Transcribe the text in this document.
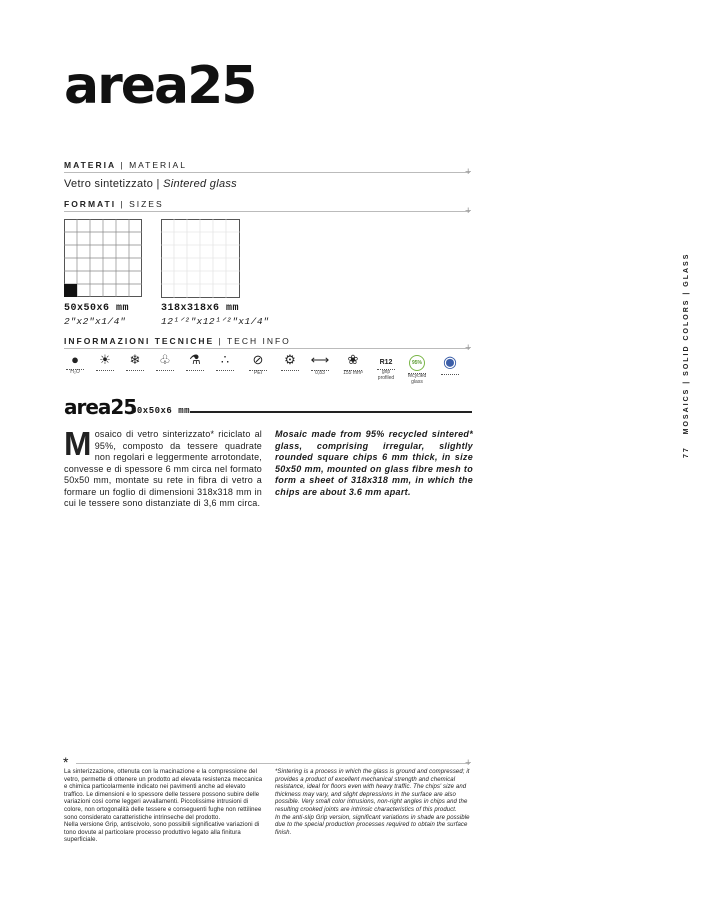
area25
MATERIA | MATERIAL
+
Vetro sintetizzato | Sintered glass
FORMATI | SIZES
+
50x50x6 mm
2"x2"x1/4"
318x318x6 mm
12¹ᐟ²"x12¹ᐟ²"x1/4"
INFORMAZIONI TECNICHE | TECH INFO
+
●
H₂O
☀	❄	♧	⚗	∴	⊘
PEI
⚙	⟷
0,83
❀
155 mm³
R12
grip profiled
95%
recycled glass
◉
area25
50x50x6 mm
M osaico di vetro sinterizzato* riciclato al 95%, composto da tessere quadrate non regolari e leggermente arrotondate, convesse e di spessore 6 mm circa nel formato 50x50 mm, montate su rete in fibra di vetro a formare un foglio di dimensioni 318x318 mm in cui le tessere sono distanziate di 3,6 mm circa.
Mosaic made from 95% recycled sintered* glass, comprising irregular, slightly rounded square chips 6 mm thick, in size 50x50 mm, mounted on glass fibre mesh to form a sheet of 318x318 mm, in which the chips are about 3.6 mm apart.
*	+
La sinterizzazione, ottenuta con la macinazione e la compressione del vetro, permette di ottenere un prodotto ad elevata resistenza meccanica e chimica particolarmente indicato nei pavimenti anche ad elevato traffico. Le dimensioni e lo spessore delle tessere possono subire delle variazioni così come leggeri avvallamenti. Piccolissime intrusioni di colore, non ortogonalità delle tessere e conseguenti fughe non rettilinee sono considerato caratteristiche intrinseche del prodotto.
Nella versione Grip, antiscivolo, sono possibili significative variazioni di tono dovute al particolare processo produttivo legato alla finitura superficiale.
*Sintering is a process in which the glass is ground and compressed; it provides a product of excellent mechanical strength and chemical resistance, ideal for floors even with heavy traffic. The chips' size and thickness may vary, and slight depressions in the surface are also possible. Very small color intrusions, non-right angles in chips and the resulting crooked joints are intrinsic characteristics of this product.
In the anti-slip Grip version, significant variations in shade are possible due to the special production processes required to obtain the surface finish.
77   MOSAICS | SOLID COLORS | GLASS
